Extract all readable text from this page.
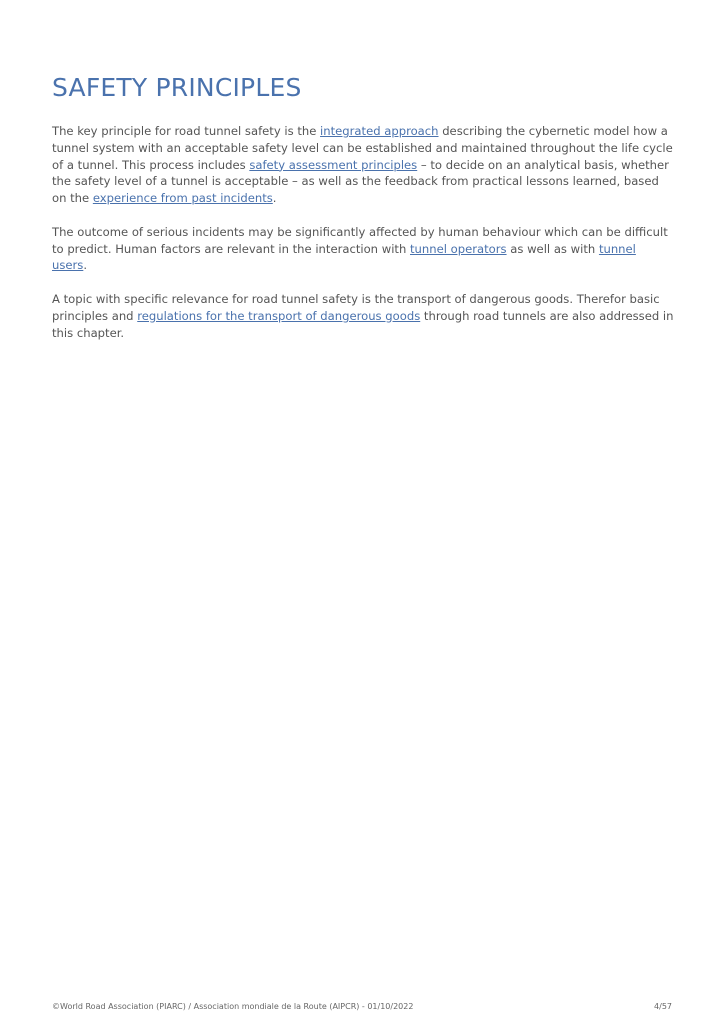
SAFETY PRINCIPLES

The key principle for road tunnel safety is the integrated approach describing the cybernetic model how a tunnel system with an acceptable safety level can be established and maintained throughout the life cycle of a tunnel. This process includes safety assessment principles – to decide on an analytical basis, whether the safety level of a tunnel is acceptable – as well as the feedback from practical lessons learned, based on the experience from past incidents.

The outcome of serious incidents may be significantly affected by human behaviour which can be difficult to predict. Human factors are relevant in the interaction with tunnel operators as well as with tunnel users.

A topic with specific relevance for road tunnel safety is the transport of dangerous goods. Therefor basic principles and regulations for the transport of dangerous goods through road tunnels are also addressed in this chapter.

©World Road Association (PIARC) / Association mondiale de la Route (AIPCR) - 01/10/2022	4/57
